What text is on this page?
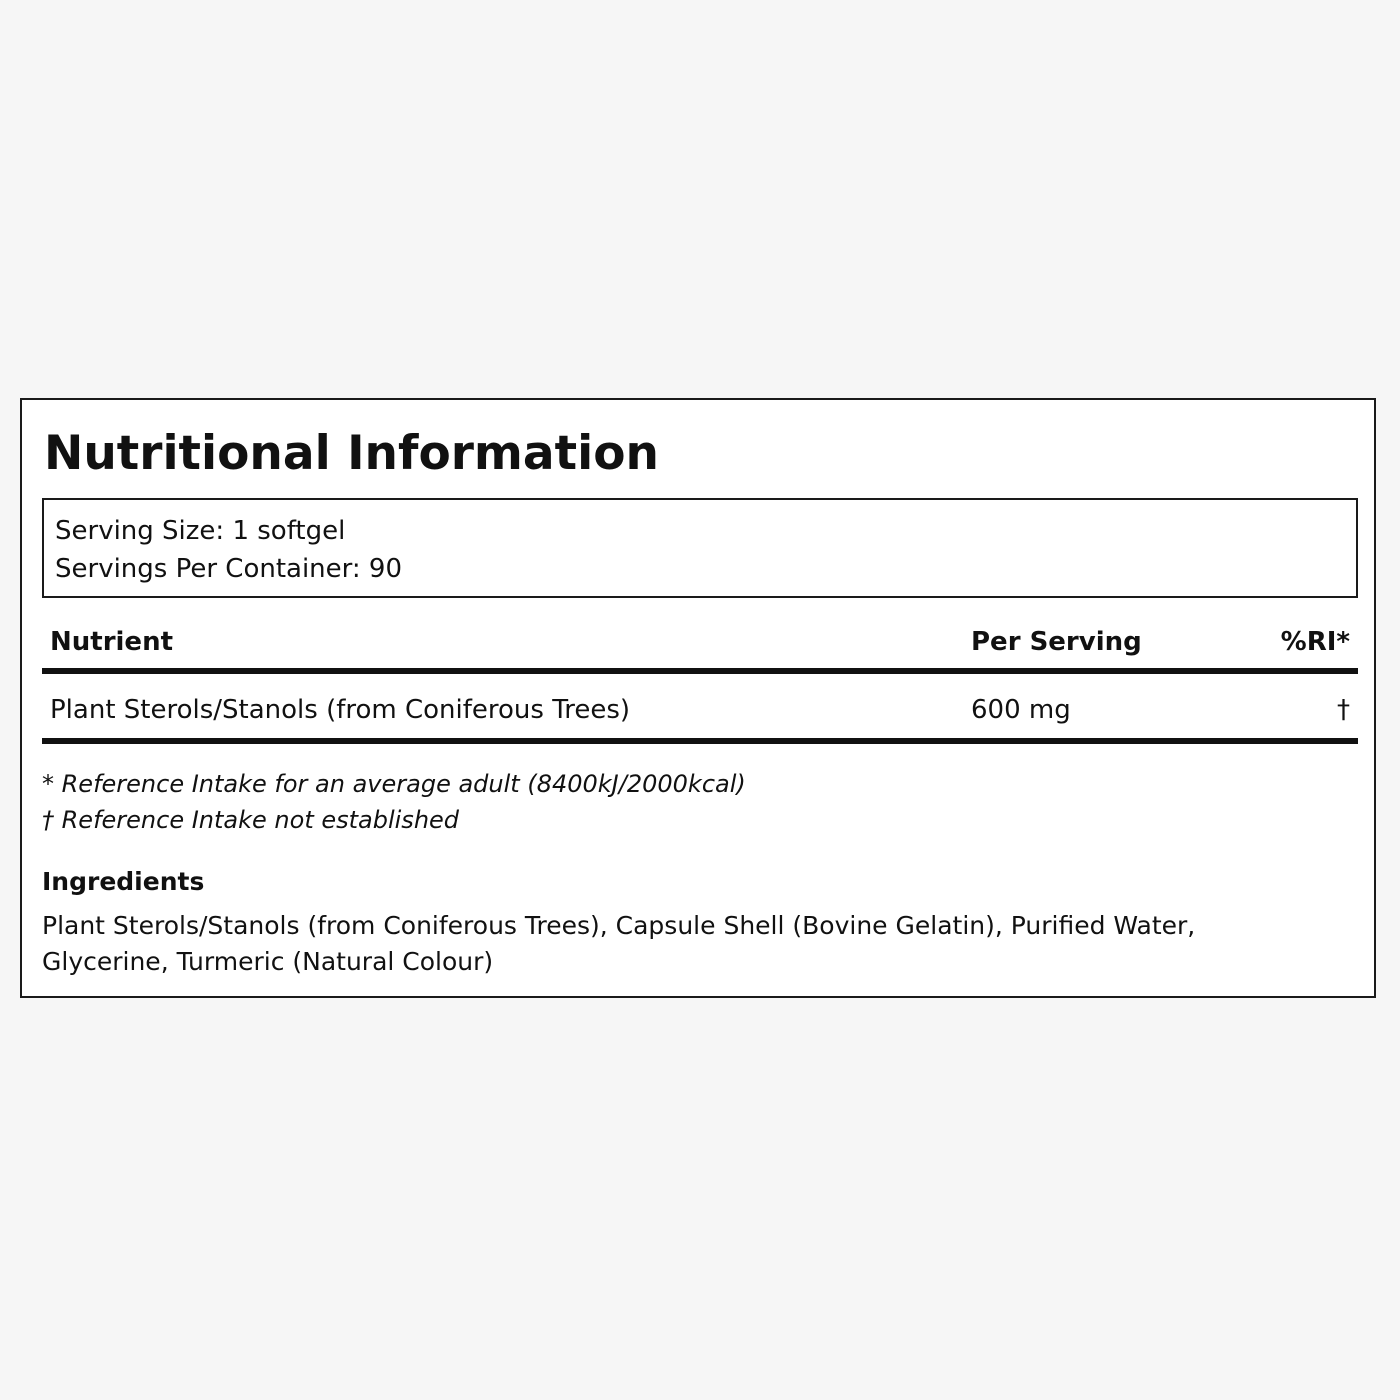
Nutritional Information
Serving Size: 1 softgel
Servings Per Container: 90
Nutrient	Per Serving	%RI*
Plant Sterols/Stanols (from Coniferous Trees)	600 mg	†
* Reference Intake for an average adult (8400kJ/2000kcal)
† Reference Intake not established
Ingredients
Plant Sterols/Stanols (from Coniferous Trees), Capsule Shell (Bovine Gelatin), Purified Water, Glycerine, Turmeric (Natural Colour)
